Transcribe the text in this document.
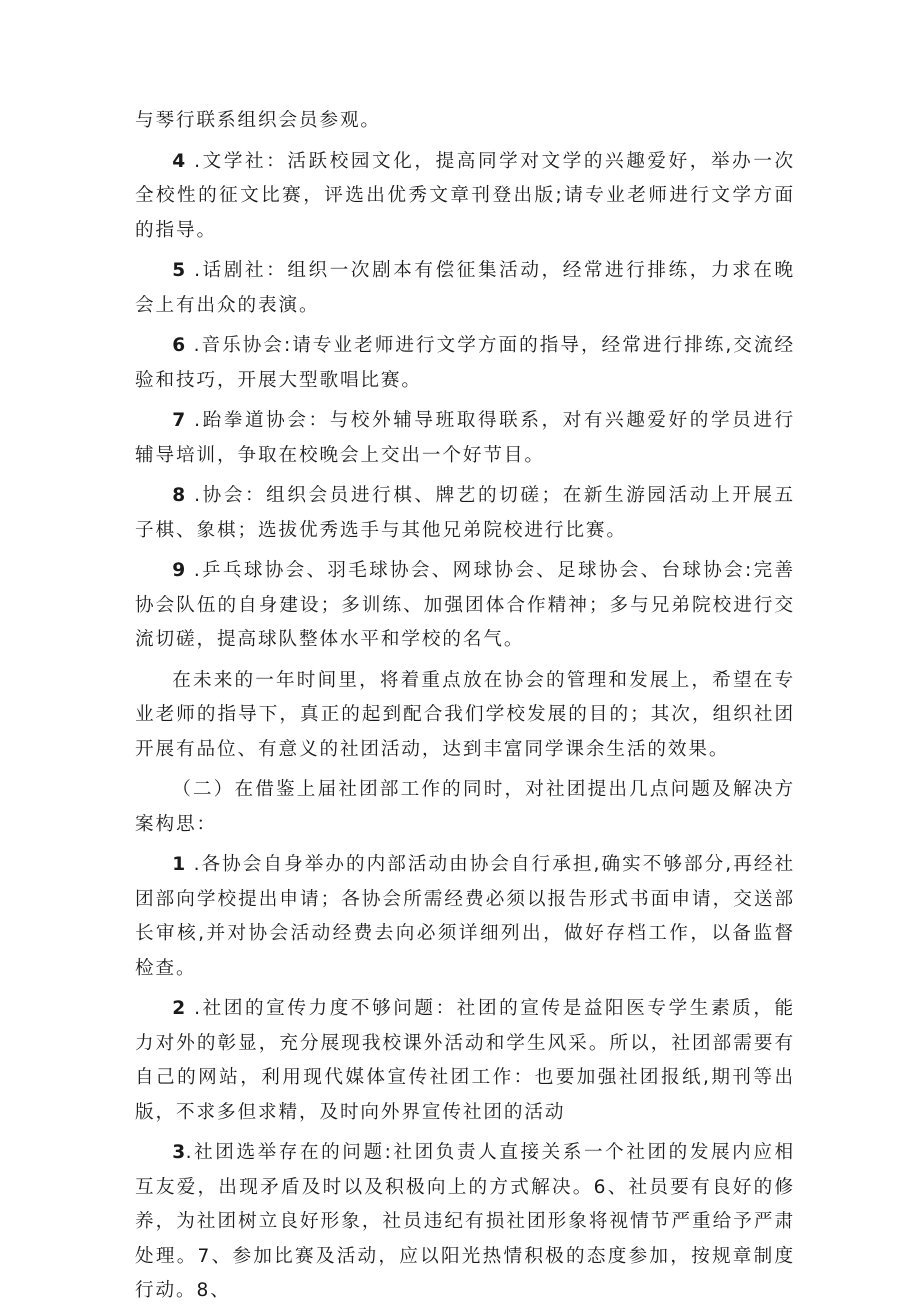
与琴行联系组织会员参观。

4 .文学社：活跃校园文化，提高同学对文学的兴趣爱好，举办一次全校性的征文比赛，评选出优秀文章刊登出版;请专业老师进行文学方面的指导。

5 .话剧社：组织一次剧本有偿征集活动，经常进行排练，力求在晚会上有出众的表演。

6 .音乐协会:请专业老师进行文学方面的指导，经常进行排练,交流经验和技巧，开展大型歌唱比赛。

7 .跆拳道协会：与校外辅导班取得联系，对有兴趣爱好的学员进行辅导培训，争取在校晚会上交出一个好节目。

8 .协会：组织会员进行棋、牌艺的切磋；在新生游园活动上开展五子棋、象棋；选拔优秀选手与其他兄弟院校进行比赛。

9 .乒乓球协会、羽毛球协会、网球协会、足球协会、台球协会:完善协会队伍的自身建设；多训练、加强团体合作精神；多与兄弟院校进行交流切磋，提高球队整体水平和学校的名气。

在未来的一年时间里，将着重点放在协会的管理和发展上，希望在专业老师的指导下，真正的起到配合我们学校发展的目的；其次，组织社团开展有品位、有意义的社团活动，达到丰富同学课余生活的效果。

（二）在借鉴上届社团部工作的同时，对社团提出几点问题及解决方案构思：

1 .各协会自身举办的内部活动由协会自行承担,确实不够部分,再经社团部向学校提出申请；各协会所需经费必须以报告形式书面申请，交送部长审核,并对协会活动经费去向必须详细列出，做好存档工作，以备监督检查。

2 .社团的宣传力度不够问题：社团的宣传是益阳医专学生素质，能力对外的彰显，充分展现我校课外活动和学生风采。所以，社团部需要有自己的网站，利用现代媒体宣传社团工作：也要加强社团报纸,期刊等出版，不求多但求精，及时向外界宣传社团的活动

3.社团选举存在的问题:社团负责人直接关系一个社团的发展内应相互友爱，出现矛盾及时以及积极向上的方式解决。6、社员要有良好的修养，为社团树立良好形象，社员违纪有损社团形象将视情节严重给予严肃处理。7、参加比赛及活动，应以阳光热情积极的态度参加，按规章制度行动。8、
